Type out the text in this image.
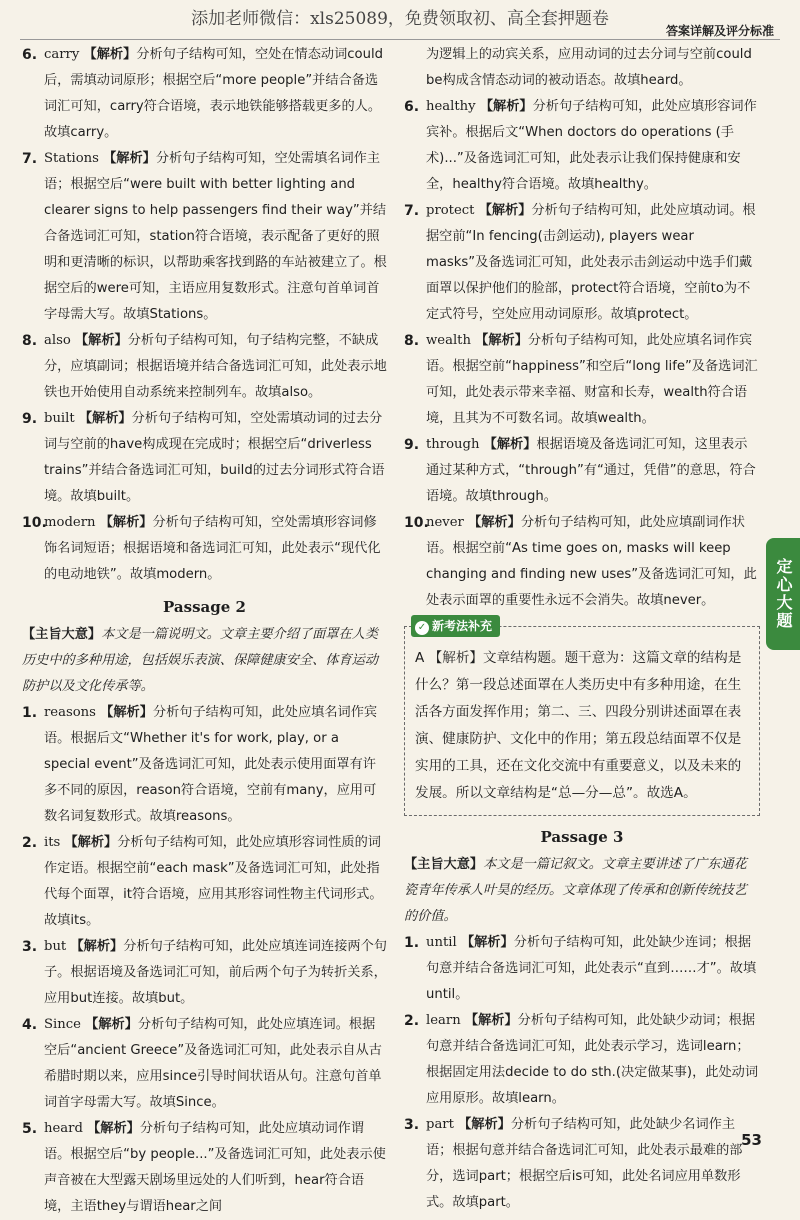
添加老师微信：xls25089，免费领取初、高全套押题卷
答案详解及评分标准

6. carry 【解析】分析句子结构可知，空处在情态动词could后，需填动词原形；根据空后“more people”并结合备选词汇可知，carry符合语境，表示地铁能够搭载更多的人。故填carry。

7. Stations 【解析】分析句子结构可知，空处需填名词作主语；根据空后“were built with better lighting and clearer signs to help passengers find their way”并结合备选词汇可知，station符合语境，表示配备了更好的照明和更清晰的标识，以帮助乘客找到路的车站被建立了。根据空后的were可知，主语应用复数形式。注意句首单词首字母需大写。故填Stations。

8. also 【解析】分析句子结构可知，句子结构完整，不缺成分，应填副词；根据语境并结合备选词汇可知，此处表示地铁也开始使用自动系统来控制列车。故填also。

9. built 【解析】分析句子结构可知，空处需填动词的过去分词与空前的have构成现在完成时；根据空后“driverless trains”并结合备选词汇可知，build的过去分词形式符合语境。故填built。

10.
modern 【解析】分析句子结构可知，空处需填形容词修饰名词短语；根据语境和备选词汇可知，此处表示“现代化的电动地铁”。故填modern。

Passage 2

【主旨大意】本文是一篇说明文。文章主要介绍了面罩在人类历史中的多种用途，包括娱乐表演、保障健康安全、体育运动防护以及文化传承等。

1. reasons 【解析】分析句子结构可知，此处应填名词作宾语。根据后文“Whether it's for work, play, or a special event”及备选词汇可知，此处表示使用面罩有许多不同的原因，reason符合语境，空前有many，应用可数名词复数形式。故填reasons。

2. its 【解析】分析句子结构可知，此处应填形容词性质的词作定语。根据空前“each mask”及备选词汇可知，此处指代每个面罩，it符合语境，应用其形容词性物主代词形式。故填its。

3. but 【解析】分析句子结构可知，此处应填连词连接两个句子。根据语境及备选词汇可知，前后两个句子为转折关系，应用but连接。故填but。

4. Since 【解析】分析句子结构可知，此处应填连词。根据空后“ancient Greece”及备选词汇可知，此处表示自从古希腊时期以来，应用since引导时间状语从句。注意句首单词首字母需大写。故填Since。

5. heard 【解析】分析句子结构可知，此处应填动词作谓语。根据空后“by people...”及备选词汇可知，此处表示使声音被在大型露天剧场里远处的人们听到，hear符合语境，主语they与谓语hear之间

为逻辑上的动宾关系，应用动词的过去分词与空前could be构成含情态动词的被动语态。故填heard。

6. healthy 【解析】分析句子结构可知，此处应填形容词作宾补。根据后文“When doctors do operations (手术)...”及备选词汇可知，此处表示让我们保持健康和安全，healthy符合语境。故填healthy。

7. protect 【解析】分析句子结构可知，此处应填动词。根据空前“In fencing(击剑运动), players wear masks”及备选词汇可知，此处表示击剑运动中选手们戴面罩以保护他们的脸部，protect符合语境，空前to为不定式符号，空处应用动词原形。故填protect。

8. wealth 【解析】分析句子结构可知，此处应填名词作宾语。根据空前“happiness”和空后“long life”及备选词汇可知，此处表示带来幸福、财富和长寿，wealth符合语境，且其为不可数名词。故填wealth。

9. through 【解析】根据语境及备选词汇可知，这里表示通过某种方式，“through”有“通过，凭借”的意思，符合语境。故填through。

10.
never 【解析】分析句子结构可知，此处应填副词作状语。根据空前“As time goes on, masks will keep changing and finding new uses”及备选词汇可知，此处表示面罩的重要性永远不会消失。故填never。

✓ 新考法补充

A 【解析】文章结构题。题干意为：这篇文章的结构是什么？第一段总述面罩在人类历史中有多种用途，在生活各方面发挥作用；第二、三、四段分别讲述面罩在表演、健康防护、文化中的作用；第五段总结面罩不仅是实用的工具，还在文化交流中有重要意义，以及未来的发展。所以文章结构是“总—分—总”。故选A。

Passage 3

【主旨大意】本文是一篇记叙文。文章主要讲述了广东通花瓷青年传承人叶昊的经历。文章体现了传承和创新传统技艺的价值。

1. until 【解析】分析句子结构可知，此处缺少连词；根据句意并结合备选词汇可知，此处表示“直到……才”。故填until。

2. learn 【解析】分析句子结构可知，此处缺少动词；根据句意并结合备选词汇可知，此处表示学习，选词learn；根据固定用法decide to do sth.(决定做某事)，此处动词应用原形。故填learn。

3. part 【解析】分析句子结构可知，此处缺少名词作主语；根据句意并结合备选词汇可知，此处表示最难的部分，选词part；根据空后is可知，此处名词应用单数形式。故填part。

定心大题
53
